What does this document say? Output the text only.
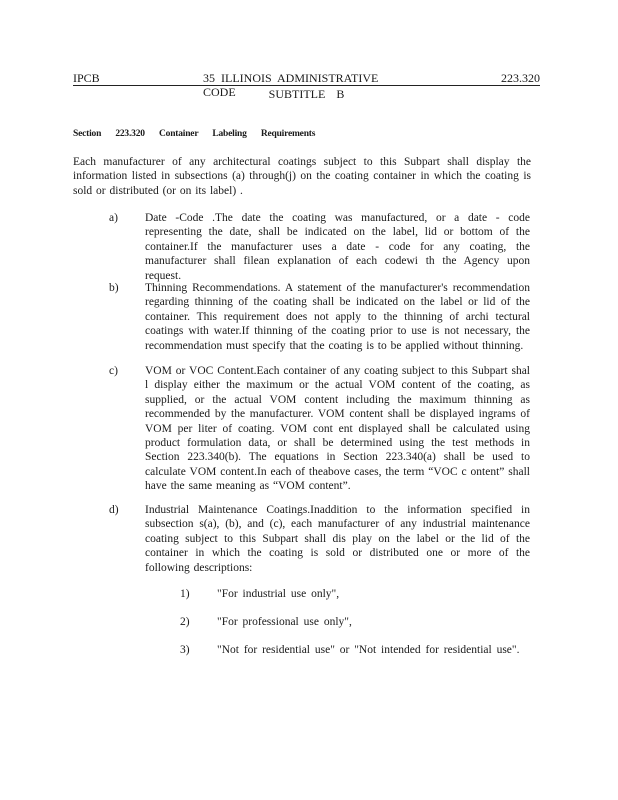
IPCB	35 ILLINOIS ADMINISTRATIVE CODE
223.320
SUBTITLE B
Section 223.320 Container Labeling Requirements
Each manufacturer of any architectural coatings subject to this Subpart shall display the information listed in subsections (a) through(j) on the coating container in which the coating is sold or distributed (or on its label) .
a)	Date -Code .The date the coating was manufactured, or a date - code representing the date, shall be indicated on the label, lid or bottom of the container.If the manufacturer uses a date - code for any coating, the manufacturer shall filean explanation of each codewi th the Agency upon request.
b)	Thinning Recommendations. A statement of the manufacturer's recommendation regarding thinning of the coating shall be indicated on the label or lid of the container. This requirement does not apply to the thinning of archi tectural coatings with water.If thinning of the coating prior to use is not necessary, the recommendation must specify that the coating is to be applied without thinning.
c)	VOM or VOC Content.Each container of any coating subject to this Subpart shal l display either the maximum or the actual VOM content of the coating, as supplied, or the actual VOM content including the maximum thinning as recommended by the manufacturer. VOM content shall be displayed ingrams of VOM per liter of coating. VOM cont ent displayed shall be calculated using product formulation data, or shall be determined using the test methods in Section 223.340(b). The equations in Section 223.340(a) shall be used to calculate VOM content.In each of theabove cases, the term “VOC c ontent” shall have the same meaning as “VOM content”.
d)	Industrial Maintenance Coatings.Inaddition to the information specified in subsection s(a), (b), and (c), each manufacturer of any industrial maintenance coating subject to this Subpart shall dis play on the label or the lid of the container in which the coating is sold or distributed one or more of the following descriptions:
1) "For industrial use only",
2) "For professional use only",
3) "Not for residential use" or "Not intended for residential use".
